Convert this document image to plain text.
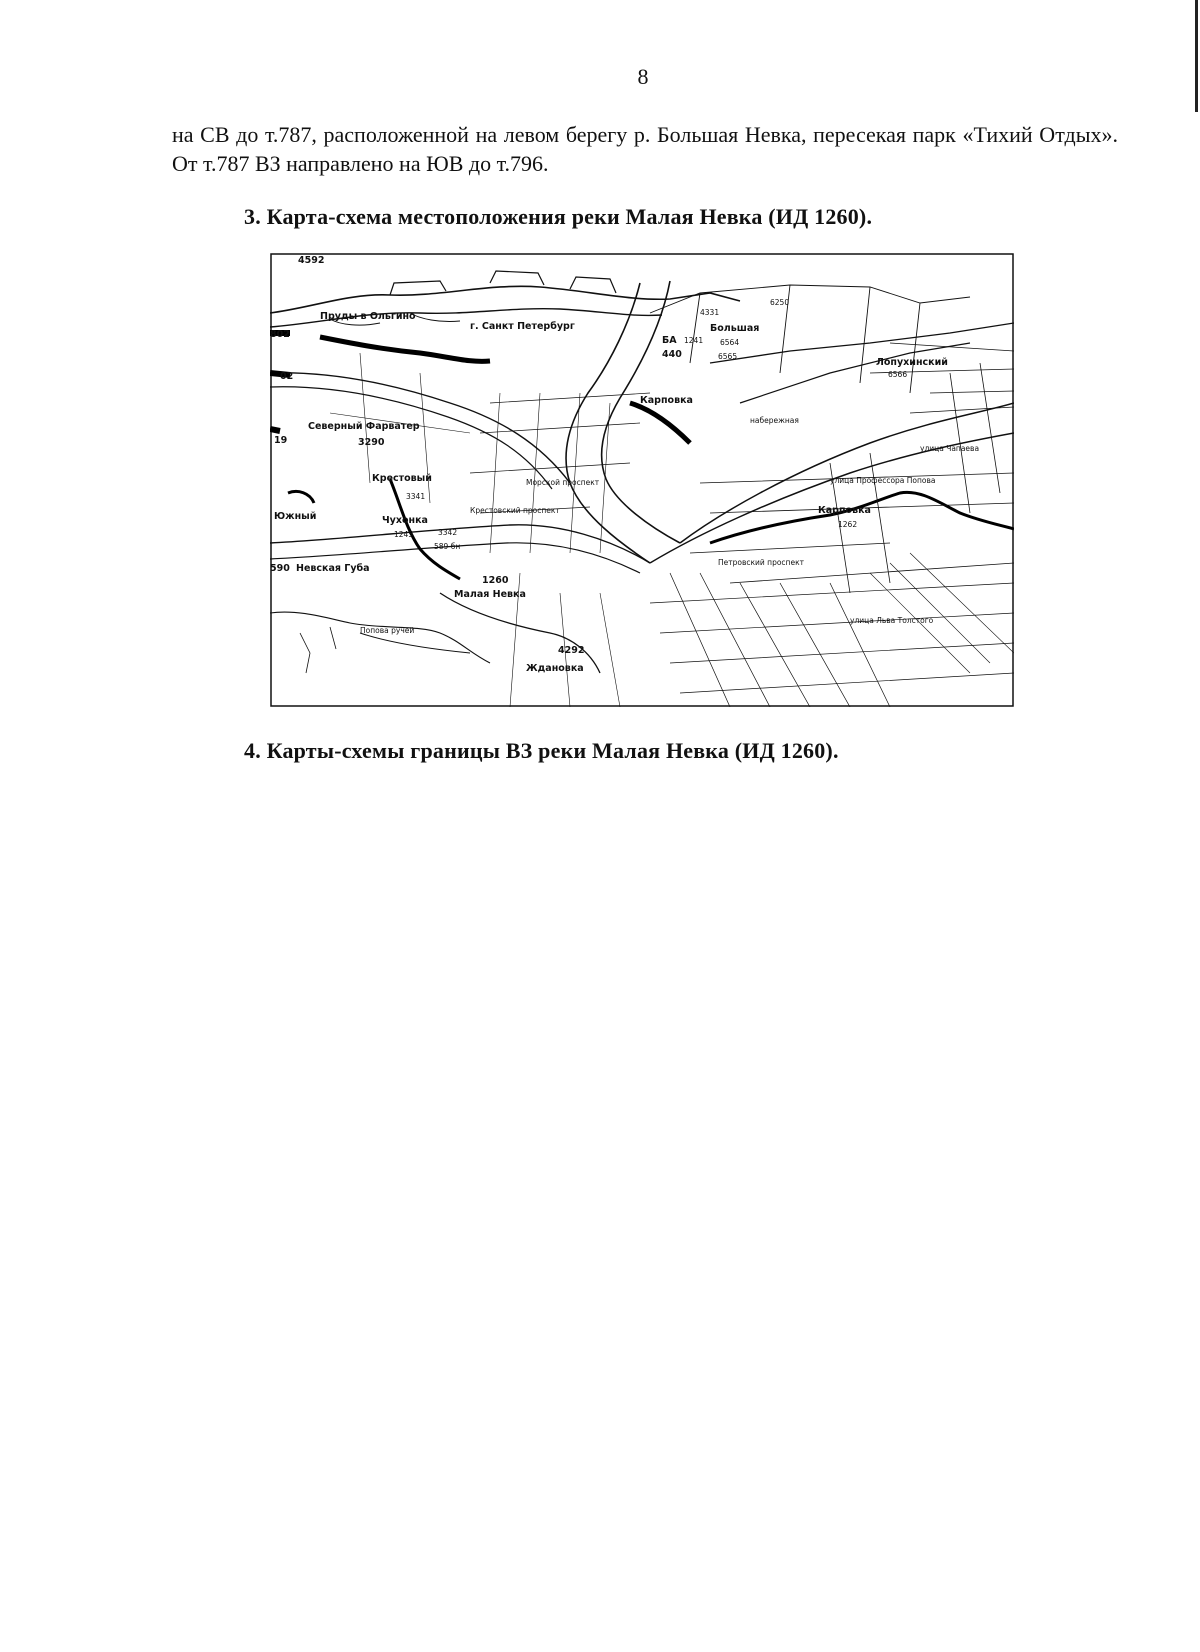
8
на СВ до т.787, расположенной на левом берегу р. Большая Невка, пересекая парк «Тихий Отдых». От т.787 ВЗ направлено на ЮВ до т.796.
3. Карта-схема местоположения реки Малая Невка (ИД 1260).
4592
Пруды в Ольгино
г. Санкт Петербург
6250
4331
Большая
БА 1241 6564
6565
440
Лопухинский
6566
802
02
Северный Фарватер
3290
19
Крестовый
3341
Чухонка
1245	3342
589 бн
Южный
590 Невская Губа
1260
Малая Невка
4292
Ждановка
Карповка
Карповка
1262
улица Профессора Попова
улица Чапаева
Крестовский проспект
Морской проспект
Петровский проспект
Попова ручей
улица Льва Толстого
набережная
4. Карты-схемы границы ВЗ реки Малая Невка (ИД 1260).
